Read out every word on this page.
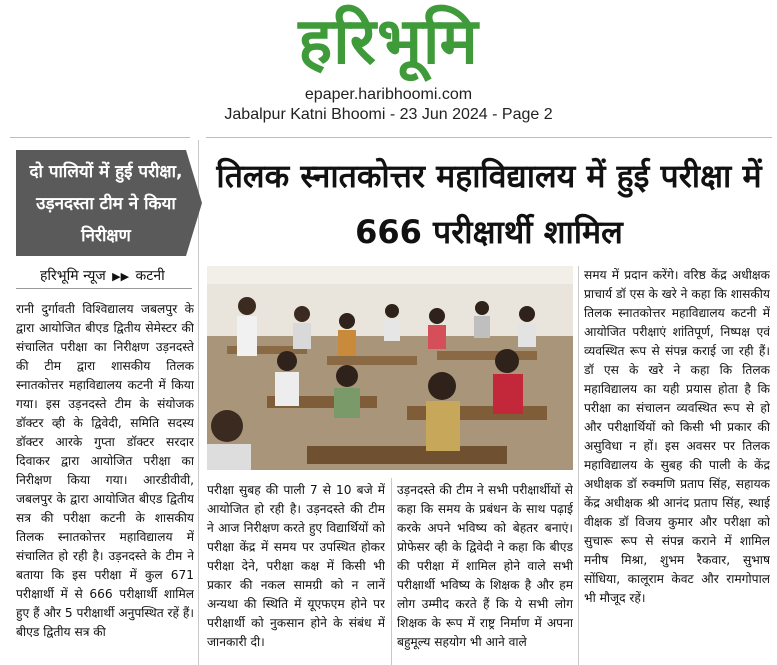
हरिभूमि
epaper.haribhoomi.com
Jabalpur Katni Bhoomi - 23 Jun 2024 - Page 2
दो पालियों में हुई परीक्षा, उड़नदस्ता टीम ने किया निरीक्षण
तिलक स्नातकोत्तर महाविद्यालय में हुई परीक्षा में 666 परीक्षार्थी शामिल
हरिभूमि न्यूज ▶▶ कटनी

रानी दुर्गावती विश्विद्यालय जबलपुर के द्वारा आयोजित बीएड द्वितीय सेमेस्टर की संचालित परीक्षा का निरीक्षण उड़नदस्ते की टीम द्वारा शासकीय तिलक स्नातकोत्तर महाविद्यालय कटनी में किया गया। इस उड़नदस्ते टीम के संयोजक डॉक्टर व्ही के द्विवेदी, समिति सदस्य डॉक्टर आरके गुप्ता डॉक्टर सरदार दिवाकर द्वारा आयोजित परीक्षा का निरीक्षण किया गया। आरडीवीवी, जबलपुर के द्वारा आयोजित बीएड द्वितीय सत्र की परीक्षा कटनी के शासकीय तिलक स्नातकोत्तर महाविद्यालय में संचालित हो रही है। उड़नदस्ते के टीम ने बताया कि इस परीक्षा में कुल 671 परीक्षार्थी में से 666 परीक्षार्थी शामिल हुए हैं और 5 परीक्षार्थी अनुपस्थित रहें हैं। बीएड द्वितीय सत्र की

परीक्षा सुबह की पाली 7 से 10 बजे में आयोजित हो रही है। उड़नदस्ते की टीम ने आज निरीक्षण करते हुए विद्यार्थियों को परीक्षा केंद्र में समय पर उपस्थित होकर परीक्षा देने, परीक्षा कक्ष में किसी भी प्रकार की नकल सामग्री को न लानें अन्यथा की स्थिति में यूएफएम होने पर परीक्षार्थी को नुकसान होने के संबंध में जानकारी दी।

उड़नदस्ते की टीम ने सभी परीक्षार्थीयों से कहा कि समय के प्रबंधन के साथ पढ़ाई करके अपने भविष्य को बेहतर बनाएं। प्रोफेसर व्ही के द्विवेदी ने कहा कि बीएड की परीक्षा में शामिल होने वाले सभी परीक्षार्थी भविष्य के शिक्षक है और हम लोग उम्मीद करते हैं कि ये सभी लोग शिक्षक के रूप में राष्ट्र निर्माण में अपना बहुमूल्य सहयोग भी आने वाले

समय में प्रदान करेंगे। वरिष्ठ केंद्र अधीक्षक प्राचार्य डॉ एस के खरे ने कहा कि शासकीय तिलक स्नातकोत्तर महाविद्यालय कटनी में आयोजित परीक्षाएं शांतिपूर्ण, निष्पक्ष एवं व्यवस्थित रूप से संपन्न कराई जा रही हैं। डॉ एस के खरे ने कहा कि तिलक महाविद्यालय का यही प्रयास होता है कि परीक्षा का संचालन व्यवस्थित रूप से हो और परीक्षार्थियों को किसी भी प्रकार की असुविधा न हों। इस अवसर पर तिलक महाविद्यालय के सुबह की पाली के केंद्र अधीक्षक डॉ रुक्मणि प्रताप सिंह, सहायक केंद्र अधीक्षक श्री आनंद प्रताप सिंह, स्थाई वीक्षक डॉ विजय कुमार और परीक्षा को सुचारू रूप से संपन्न कराने में शामिल मनीष मिश्रा, शुभम रैकवार, सुभाष सोंधिया, कालूराम केवट और रामगोपाल भी मौजूद रहें।
